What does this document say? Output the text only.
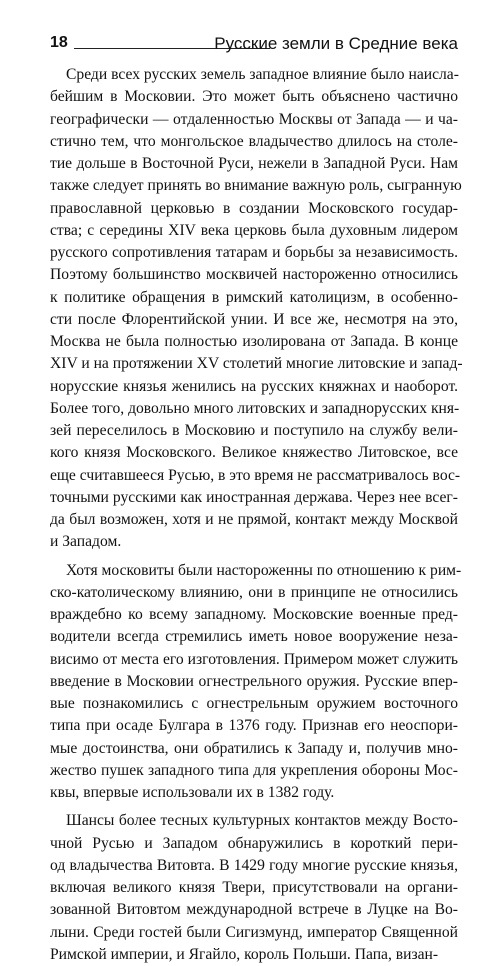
18	Русские земли в Средние века
Среди всех русских земель западное влияние было наисла-
бейшим в Московии. Это может быть объяснено частично
географически — отдаленностью Москвы от Запада — и ча-
стично тем, что монгольское владычество длилось на столе-
тие дольше в Восточной Руси, нежели в Западной Руси. Нам
также следует принять во внимание важную роль, сыгранную
православной церковью в создании Московского государ-
ства; с середины XIV века церковь была духовным лидером
русского сопротивления татарам и борьбы за независимость.
Поэтому большинство москвичей настороженно относились
к политике обращения в римский католицизм, в особенно-
сти после Флорентийской унии. И все же, несмотря на это,
Москва не была полностью изолирована от Запада. В конце
XIV и на протяжении XV столетий многие литовские и запад-
норусские князья женились на русских княжнах и наоборот.
Более того, довольно много литовских и западнорусских кня-
зей переселилось в Московию и поступило на службу вели-
кого князя Московского. Великое княжество Литовское, все
еще считавшееся Русью, в это время не рассматривалось вос-
точными русскими как иностранная держава. Через нее всег-
да был возможен, хотя и не прямой, контакт между Москвой
и Западом.
Хотя московиты были настороженны по отношению к рим-
ско-католическому влиянию, они в принципе не относились
враждебно ко всему западному. Московские военные пред-
водители всегда стремились иметь новое вооружение неза-
висимо от места его изготовления. Примером может служить
введение в Московии огнестрельного оружия. Русские впер-
вые познакомились с огнестрельным оружием восточного
типа при осаде Булгара в 1376 году. Признав его неоспори-
мые достоинства, они обратились к Западу и, получив мно-
жество пушек западного типа для укрепления обороны Мос-
квы, впервые использовали их в 1382 году.
Шансы более тесных культурных контактов между Восто-
чной Русью и Западом обнаружились в короткий пери-
од владычества Витовта. В 1429 году многие русские князья,
включая великого князя Твери, присутствовали на органи-
зованной Витовтом международной встрече в Луцке на Во-
лыни. Среди гостей были Сигизмунд, император Священной
Римской империи, и Ягайло, король Польши. Папа, визан-
